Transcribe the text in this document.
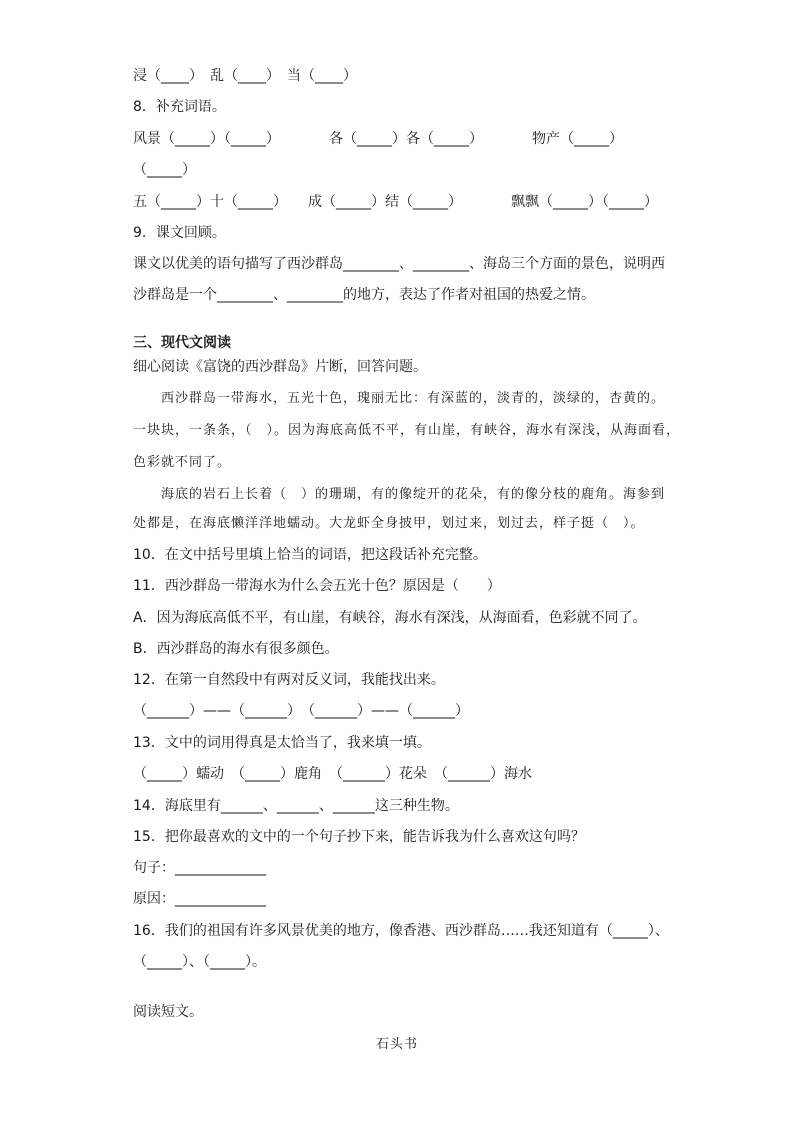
浸（____）　乱（____）　当（____）
8．补充词语。
风景（_____）（_____）　　　　各（_____）各（_____）　　　　物产（_____）
（_____）
五（_____）十（_____）　　成（_____）结（_____）　　　　飘飘（_____）（_____）
9．课文回顾。
课文以优美的语句描写了西沙群岛________、________、海岛三个方面的景色，说明西
沙群岛是一个________、________的地方，表达了作者对祖国的热爱之情。
三、现代文阅读
细心阅读《富饶的西沙群岛》片断，回答问题。
　　西沙群岛一带海水，五光十色，瑰丽无比：有深蓝的，淡青的，淡绿的，杏黄的。
一块块，一条条，（　）。因为海底高低不平，有山崖，有峡谷，海水有深浅，从海面看，
色彩就不同了。
　　海底的岩石上长着（　）的珊瑚，有的像绽开的花朵，有的像分枝的鹿角。海参到
处都是，在海底懒洋洋地蠕动。大龙虾全身披甲，划过来，划过去，样子挺（　）。
10．在文中括号里填上恰当的词语，把这段话补充完整。
11．西沙群岛一带海水为什么会五光十色？原因是（　　）
A．因为海底高低不平，有山崖，有峡谷，海水有深浅，从海面看，色彩就不同了。
B．西沙群岛的海水有很多颜色。
12．在第一自然段中有两对反义词，我能找出来。
（______）——（______）　（______）——（______）
13．文中的词用得真是太恰当了，我来填一填。
（_____）蠕动　（_____）鹿角　（______）花朵　（______）海水
14．海底里有______、______、______这三种生物。
15．把你最喜欢的文中的一个句子抄下来，能告诉我为什么喜欢这句吗？
句子：_____________
原因：_____________
16．我们的祖国有许多风景优美的地方，像香港、西沙群岛……我还知道有（_____）、
（_____）、（_____）。
阅读短文。
石头书
